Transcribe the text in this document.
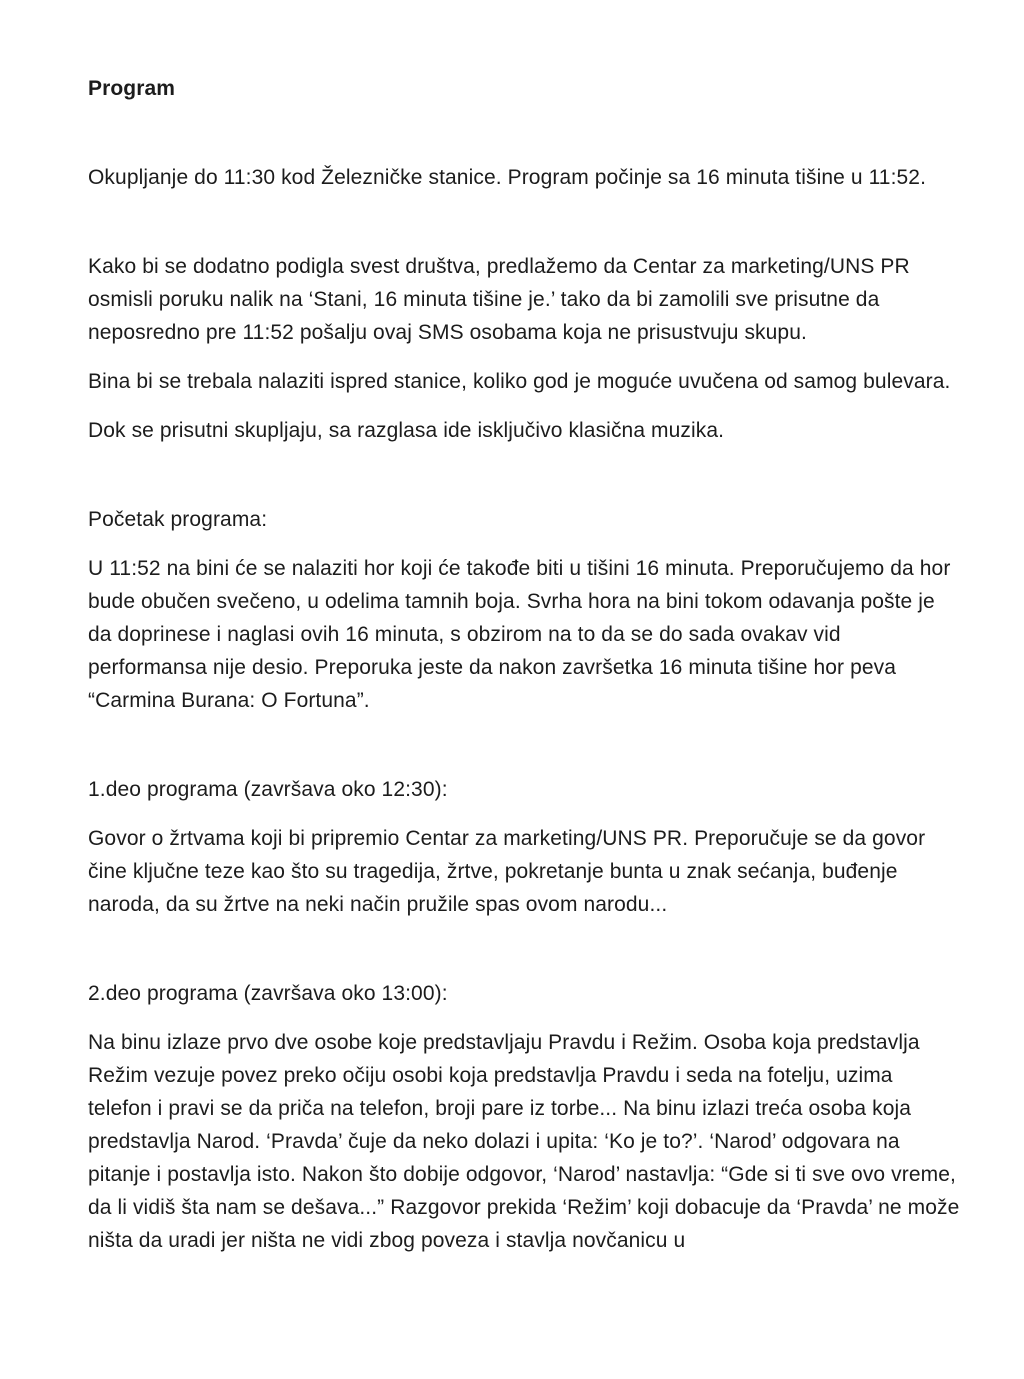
Program

Okupljanje do 11:30 kod Železničke stanice. Program počinje sa 16 minuta tišine u 11:52.

Kako bi se dodatno podigla svest društva, predlažemo da Centar za marketing/UNS PR osmisli poruku nalik na ‘Stani, 16 minuta tišine je.’ tako da bi zamolili sve prisutne da neposredno pre 11:52 pošalju ovaj SMS osobama koja ne prisustvuju skupu.

Bina bi se trebala nalaziti ispred stanice, koliko god je moguće uvučena od samog bulevara.

Dok se prisutni skupljaju, sa razglasa ide isključivo klasična muzika.

Početak programa:

U 11:52 na bini će se nalaziti hor koji će takođe biti u tišini 16 minuta. Preporučujemo da hor bude obučen svečeno, u odelima tamnih boja. Svrha hora na bini tokom odavanja pošte je da doprinese i naglasi ovih 16 minuta, s obzirom na to da se do sada ovakav vid performansa nije desio. Preporuka jeste da nakon završetka 16 minuta tišine hor peva “Carmina Burana: O Fortuna”.

1.deo programa (završava oko 12:30):

Govor o žrtvama koji bi pripremio Centar za marketing/UNS PR. Preporučuje se da govor čine ključne teze kao što su tragedija, žrtve, pokretanje bunta u znak sećanja, buđenje naroda, da su žrtve na neki način pružile spas ovom narodu...

2.deo programa (završava oko 13:00):

Na binu izlaze prvo dve osobe koje predstavljaju Pravdu i Režim. Osoba koja predstavlja Režim vezuje povez preko očiju osobi koja predstavlja Pravdu i seda na fotelju, uzima telefon i pravi se da priča na telefon, broji pare iz torbe... Na binu izlazi treća osoba koja predstavlja Narod. ‘Pravda’ čuje da neko dolazi i upita: ‘Ko je to?’. ‘Narod’ odgovara na pitanje i postavlja isto. Nakon što dobije odgovor, ‘Narod’ nastavlja: “Gde si ti sve ovo vreme, da li vidiš šta nam se dešava...” Razgovor prekida ‘Režim’ koji dobacuje da ‘Pravda’ ne može ništa da uradi jer ništa ne vidi zbog poveza i stavlja novčanicu u
